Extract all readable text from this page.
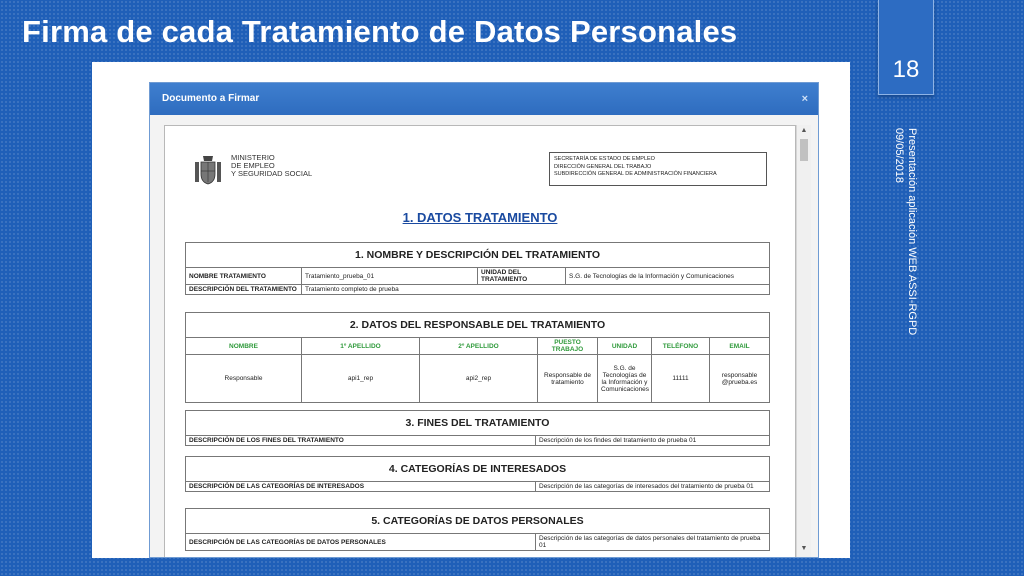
Firma de cada Tratamiento de Datos Personales
18
Presentación aplicación WEB ASSI-RGPD
09/05/2018
Documento a Firmar	×
MINISTERIO
DE EMPLEO
Y SEGURIDAD SOCIAL
SECRETARÍA DE ESTADO DE EMPLEO
DIRECCIÓN GENERAL DEL TRABAJO
SUBDIRECCIÓN GENERAL DE ADMINISTRACIÓN FINANCIERA
1. DATOS TRATAMIENTO
1. NOMBRE Y DESCRIPCIÓN DEL TRATAMIENTO			
NOMBRE TRATAMIENTO	Tratamiento_prueba_01	UNIDAD DEL TRATAMIENTO	S.G. de Tecnologías de la Información y Comunicaciones
DESCRIPCIÓN DEL TRATAMIENTO	Tratamiento completo de prueba		
2. DATOS DEL RESPONSABLE DEL TRATAMIENTO						
NOMBRE	1º APELLIDO	2º APELLIDO	PUESTO TRABAJO	UNIDAD	TELÉFONO	EMAIL
Responsable	api1_rep	api2_rep	Responsable de tratamiento	S.G. de Tecnologías de la Información y Comunicaciones	11111	responsable @prueba.es
3. FINES DEL TRATAMIENTO
DESCRIPCIÓN DE LOS FINES DEL TRATAMIENTO	Descripción de los findes del tratamiento de prueba 01
4. CATEGORÍAS DE INTERESADOS
DESCRIPCIÓN DE LAS CATEGORÍAS DE INTERESADOS	Descripción de las categorías de interesados del tratamiento de prueba 01
5. CATEGORÍAS DE DATOS PERSONALES
DESCRIPCIÓN DE LAS CATEGORÍAS DE DATOS PERSONALES	Descripción de las categorías de datos personales del tratamiento de prueba 01
▲
▼
